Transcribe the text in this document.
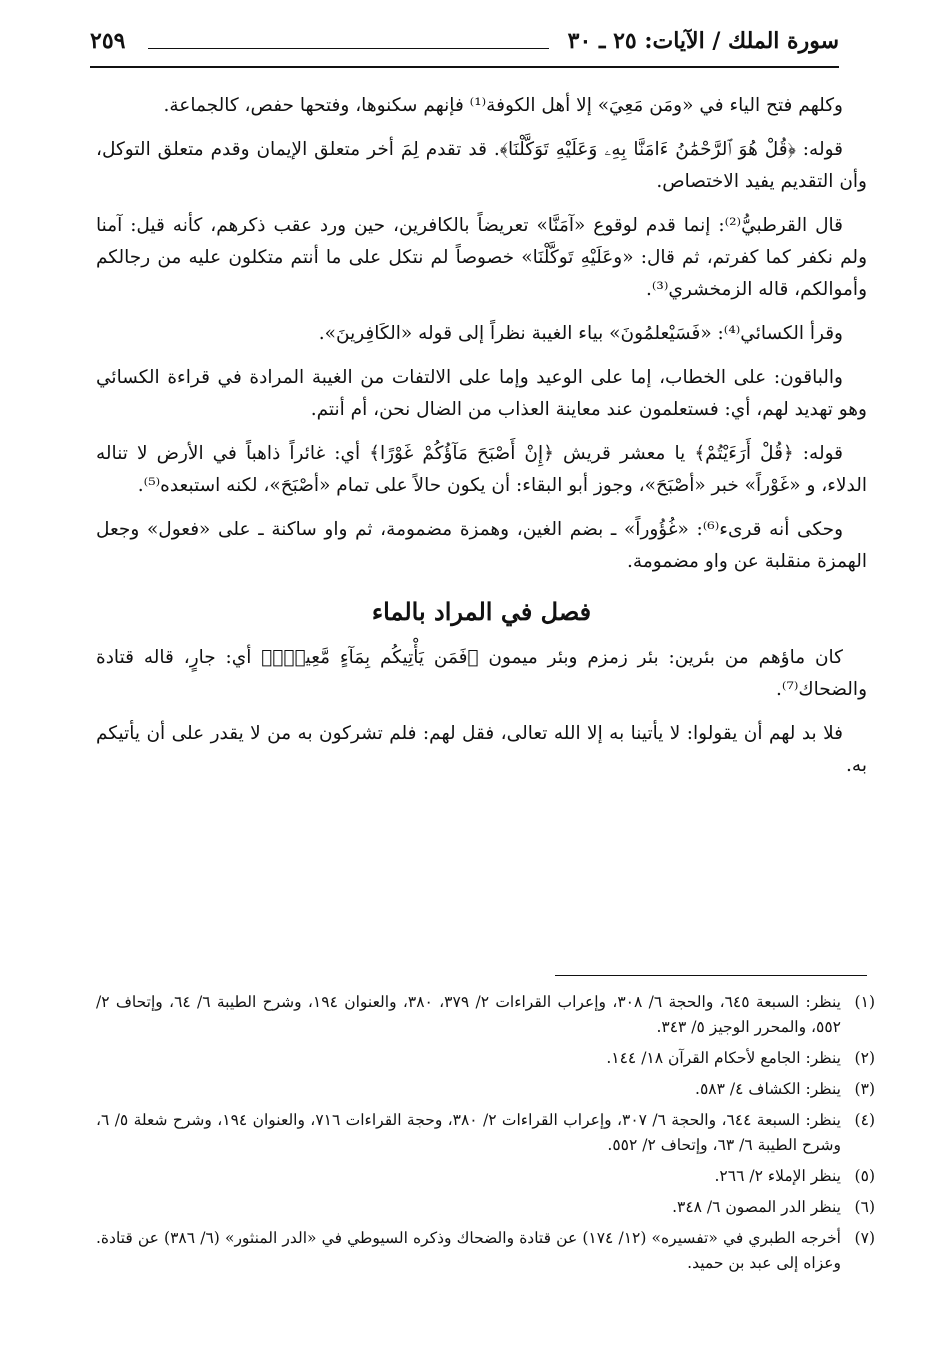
سورة الملك / الآيات: ٢٥ ـ ٣٠
٢٥٩

وكلهم فتح الياء في «ومَن مَعِيَ» إلا أهل الكوفة⁽¹⁾ فإنهم سكنوها، وفتحها حفص، كالجماعة.

قوله: ﴿قُلْ هُوَ ٱلرَّحْمَٰنُ ءَامَنَّا بِهِۦ وَعَلَيْهِ تَوَكَّلْنَا﴾. قد تقدم لِمَ أخر متعلق الإيمان وقدم متعلق التوكل، وأن التقديم يفيد الاختصاص.

قال القرطبيُّ⁽²⁾: إنما قدم لوقوع «آمَنَّا» تعريضاً بالكافرين، حين ورد عقب ذكرهم، كأنه قيل: آمنا ولم نكفر كما كفرتم، ثم قال: «وعَلَيْهِ تَوكَّلْنَا» خصوصاً لم نتكل على ما أنتم متكلون عليه من رجالكم وأموالكم، قاله الزمخشري⁽³⁾.

وقرأ الكسائي⁽⁴⁾: «فَسَيْعلمُونَ» بياء الغيبة نظراً إلى قوله «الكَافِرينَ».

والباقون: على الخطاب، إما على الوعيد وإما على الالتفات من الغيبة المرادة في قراءة الكسائي وهو تهديد لهم، أي: فستعلمون عند معاينة العذاب من الضال نحن، أم أنتم.

قوله: ﴿قُلْ أَرَءَيْتُمْ﴾ يا معشر قريش ﴿إِنْ أَصْبَحَ مَآؤُكُمْ غَوْرًا﴾ أي: غائراً ذاهباً في الأرض لا تناله الدلاء، و «غَوْراً» خبر «أصْبَحَ»، وجوز أبو البقاء: أن يكون حالاً على تمام «أصْبَحَ»، لكنه استبعده⁽⁵⁾.

وحكى أنه قرىء⁽⁶⁾: «غُؤُوراً» ـ بضم الغين، وهمزة مضمومة، ثم واو ساكنة ـ على «فعول» وجعل الهمزة منقلبة عن واو مضمومة.

فصل في المراد بالماء

كان ماؤهم من بئرين: بئر زمزم وبئر ميمون ﴿فَمَن يَأْتِيكُم بِمَآءٍ مَّعِينٍۭ﴾ أي: جارٍ، قاله قتادة والضحاك⁽⁷⁾.

فلا بد لهم أن يقولوا: لا يأتينا به إلا الله تعالى، فقل لهم: فلم تشركون به من لا يقدر على أن يأتيكم به.

(١)
ينظر: السبعة ٦٤٥، والحجة ٦/ ٣٠٨، وإعراب القراءات ٢/ ٣٧٩، ٣٨٠، والعنوان ١٩٤، وشرح الطيبة ٦/ ٦٤، وإتحاف ٢/ ٥٥٢، والمحرر الوجيز ٥/ ٣٤٣.
(٢)
ينظر: الجامع لأحكام القرآن ١٨/ ١٤٤.
(٣)
ينظر: الكشاف ٤/ ٥٨٣.
(٤)
ينظر: السبعة ٦٤٤، والحجة ٦/ ٣٠٧، وإعراب القراءات ٢/ ٣٨٠، وحجة القراءات ٧١٦، والعنوان ١٩٤، وشرح شعلة ٥/ ٦، وشرح الطيبة ٦/ ٦٣، وإتحاف ٢/ ٥٥٢.
(٥)
ينظر الإملاء ٢/ ٢٦٦.
(٦)
ينظر الدر المصون ٦/ ٣٤٨.
(٧)
أخرجه الطبري في «تفسيره» (١٢/ ١٧٤) عن قتادة والضحاك وذكره السيوطي في «الدر المنثور» (٦/ ٣٨٦) عن قتادة. وعزاه إلى عبد بن حميد.
